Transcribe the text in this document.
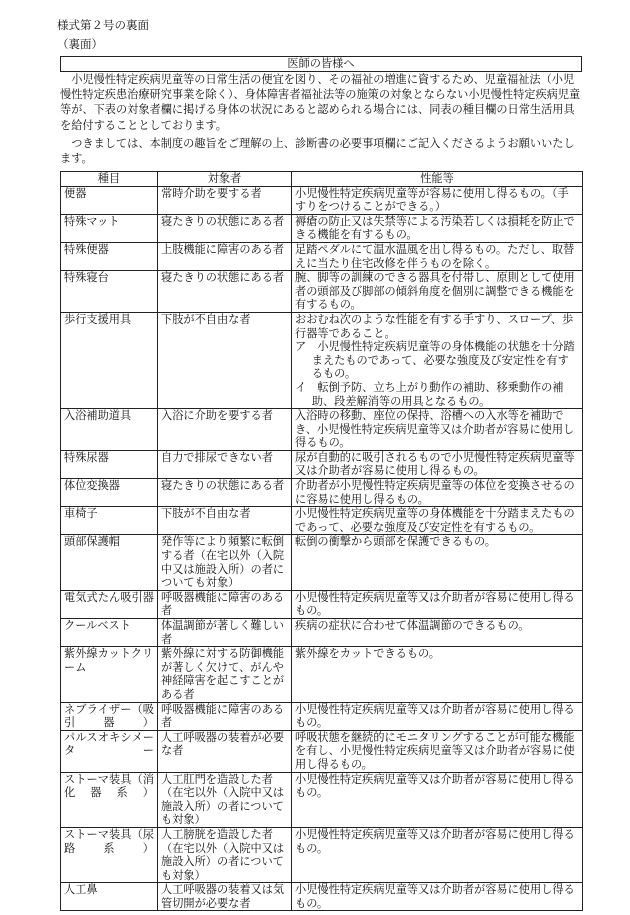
様式第２号の裏面
（裏面）
医師の皆様へ

小児慢性特定疾病児童等の日常生活の便宜を図り、その福祉の増進に資するため、児童福祉法（小児慢性特定疾患治療研究事業を除く）、身体障害者福祉法等の施策の対象とならない小児慢性特定疾病児童等が、下表の対象者欄に掲げる身体の状況にあると認められる場合には、同表の種目欄の日常生活用具を給付することとしております。

つきましては、本制度の趣旨をご理解の上、診断書の必要事項欄にご記入くださるようお願いいたします。

種目	対象者	性能等
便器	常時介助を要する者	小児慢性特定疾病児童等が容易に使用し得るもの。（手すりをつけることができる。）

特殊マット	寝たきりの状態にある者	褥瘡の防止又は失禁等による汚染若しくは損耗を防止できる機能を有するもの。

特殊便器	上肢機能に障害のある者	足踏ペダルにて温水温風を出し得るもの。ただし、取替えに当たり住宅改修を伴うものを除く。

特殊寝台	寝たきりの状態にある者	腕、脚等の訓練のできる器具を付帯し、原則として使用者の頭部及び脚部の傾斜角度を個別に調整できる機能を有するもの。

歩行支援用具	下肢が不自由な者	おおむね次のような性能を有する手すり、スロープ、歩行器等であること。
ア　小児慢性特定疾病児童等の身体機能の状態を十分踏まえたものであって、必要な強度及び安定性を有するもの。
イ　転倒予防、立ち上がり動作の補助、移乗動作の補助、段差解消等の用具となるもの。

入浴補助道具	入浴に介助を要する者	入浴時の移動、座位の保持、浴槽への入水等を補助でき、小児慢性特定疾病児童等又は介助者が容易に使用し得るもの。

特殊尿器	自力で排尿できない者	尿が自動的に吸引されるもので小児慢性特定疾病児童等又は介助者が容易に使用し得るもの。

体位変換器	寝たきりの状態にある者	介助者が小児慢性特定疾病児童等の体位を変換させるのに容易に使用し得るもの。

車椅子	下肢が不自由な者	小児慢性特定疾病児童等の身体機能を十分踏まえたものであって、必要な強度及び安定性を有するもの。

頭部保護帽	発作等により頻繁に転倒する者（在宅以外（入院中又は施設入所）の者についても対象）	転倒の衝撃から頭部を保護できるもの。

電気式たん吸引器	呼吸器機能に障害のある者	小児慢性特定疾病児童等又は介助者が容易に使用し得るもの。

クールベスト	体温調節が著しく難しい者	疾病の症状に合わせて体温調節のできるもの。

紫外線カットクリーム	紫外線に対する防御機能が著しく欠けて、がんや神経障害を起こすことがある者	紫外線をカットできるもの。

ネブライザー（吸引器）	呼吸器機能に障害のある者	小児慢性特定疾病児童等又は介助者が容易に使用し得るもの。

パルスオキシメーター	人工呼吸器の装着が必要な者	呼吸状態を継続的にモニタリングすることが可能な機能を有し、小児慢性特定疾病児童等又は介助者が容易に使用し得るもの。

ストーマ装具（消化器系）	人工肛門を造設した者（在宅以外（入院中又は施設入所）の者についても対象）	小児慢性特定疾病児童等又は介助者が容易に使用し得るもの。

ストーマ装具（尿路系）	人工膀胱を造設した者（在宅以外（入院中又は施設入所）の者についても対象）	小児慢性特定疾病児童等又は介助者が容易に使用し得るもの。

人工鼻	人工呼吸器の装着又は気管切開が必要な者	小児慢性特定疾病児童等又は介助者が容易に使用し得るもの。
